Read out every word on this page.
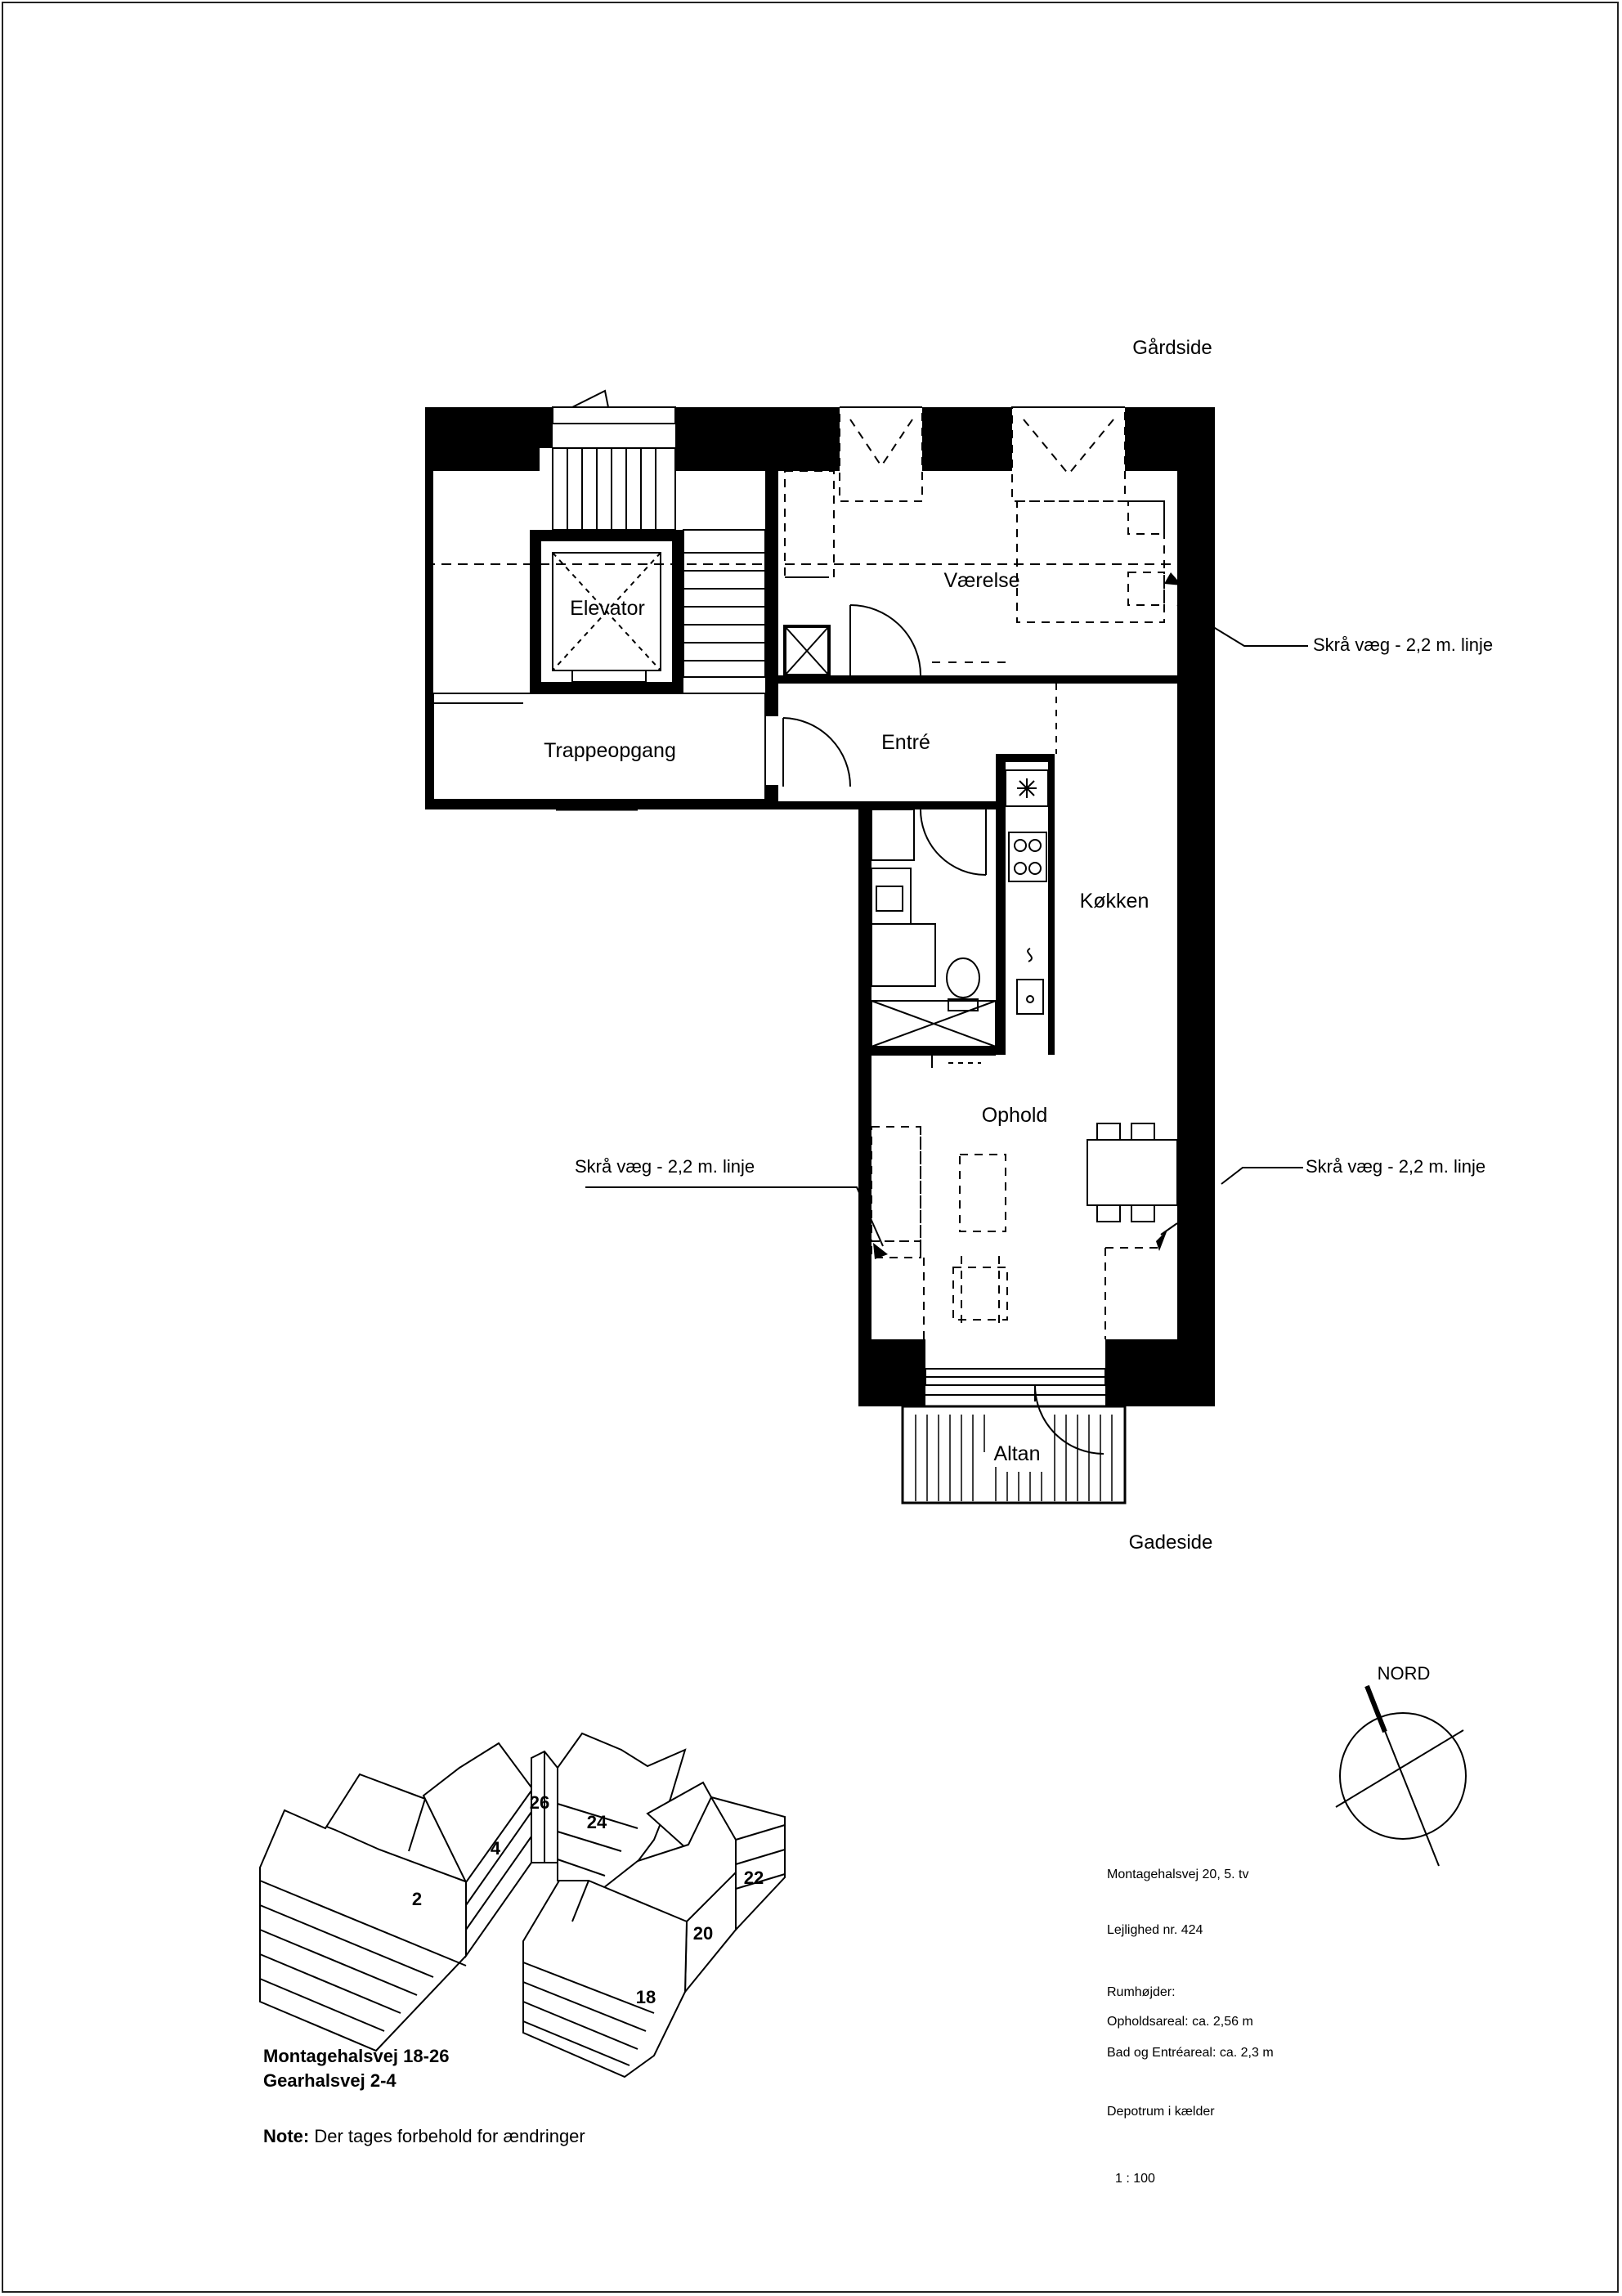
Gårdside
Elevator
Trappeopgang
Værelse
Entré
Køkken
Ophold
Altan
Gadeside
Skrå væg - 2,2 m. linje
Skrå væg - 2,2 m. linje	Skrå væg - 2,2 m. linje
NORD
2
4
26
24
22
20
18
Montagehalsvej 18-26
Gearhalsvej 2-4
Note: Der tages forbehold for ændringer
Montagehalsvej 20, 5. tv
Lejlighed nr. 424
Rumhøjder:
Opholdsareal: ca. 2,56 m
Bad og Entréareal: ca. 2,3 m
Depotrum i kælder
1 : 100
